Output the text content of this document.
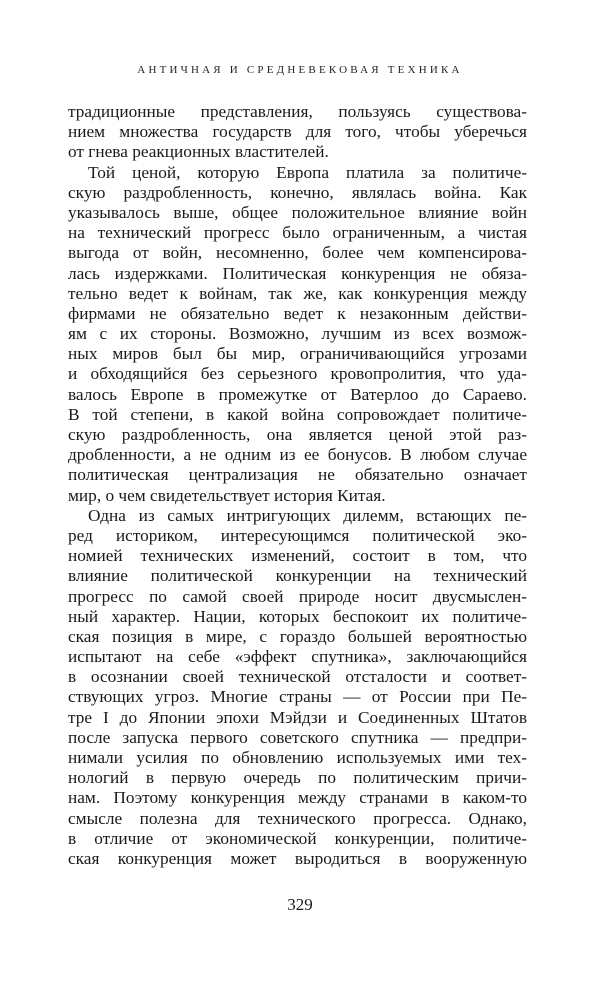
АНТИЧНАЯ И СРЕДНЕВЕКОВАЯ ТЕХНИКА
традиционные представления, пользуясь существова-
нием множества государств для того, чтобы уберечься
от гнева реакционных властителей.
Той ценой, которую Европа платила за политиче-
скую раздробленность, конечно, являлась война. Как
указывалось выше, общее положительное влияние войн
на технический прогресс было ограниченным, а чистая
выгода от войн, несомненно, более чем компенсирова-
лась издержками. Политическая конкуренция не обяза-
тельно ведет к войнам, так же, как конкуренция между
фирмами не обязательно ведет к незаконным действи-
ям с их стороны. Возможно, лучшим из всех возмож-
ных миров был бы мир, ограничивающийся угрозами
и обходящийся без серьезного кровопролития, что уда-
валось Европе в промежутке от Ватерлоо до Сараево.
В той степени, в какой война сопровождает политиче-
скую раздробленность, она является ценой этой раз-
дробленности, а не одним из ее бонусов. В любом случае
политическая централизация не обязательно означает
мир, о чем свидетельствует история Китая.
Одна из самых интригующих дилемм, встающих пе-
ред историком, интересующимся политической эко-
номией технических изменений, состоит в том, что
влияние политической конкуренции на технический
прогресс по самой своей природе носит двусмыслен-
ный характер. Нации, которых беспокоит их политиче-
ская позиция в мире, с гораздо большей вероятностью
испытают на себе «эффект спутника», заключающийся
в осознании своей технической отсталости и соответ-
ствующих угроз. Многие страны — от России при Пе-
тре I до Японии эпохи Мэйдзи и Соединенных Штатов
после запуска первого советского спутника — предпри-
нимали усилия по обновлению используемых ими тех-
нологий в первую очередь по политическим причи-
нам. Поэтому конкуренция между странами в каком-то
смысле полезна для технического прогресса. Однако,
в отличие от экономической конкуренции, политиче-
ская конкуренция может выродиться в вооруженную
329
